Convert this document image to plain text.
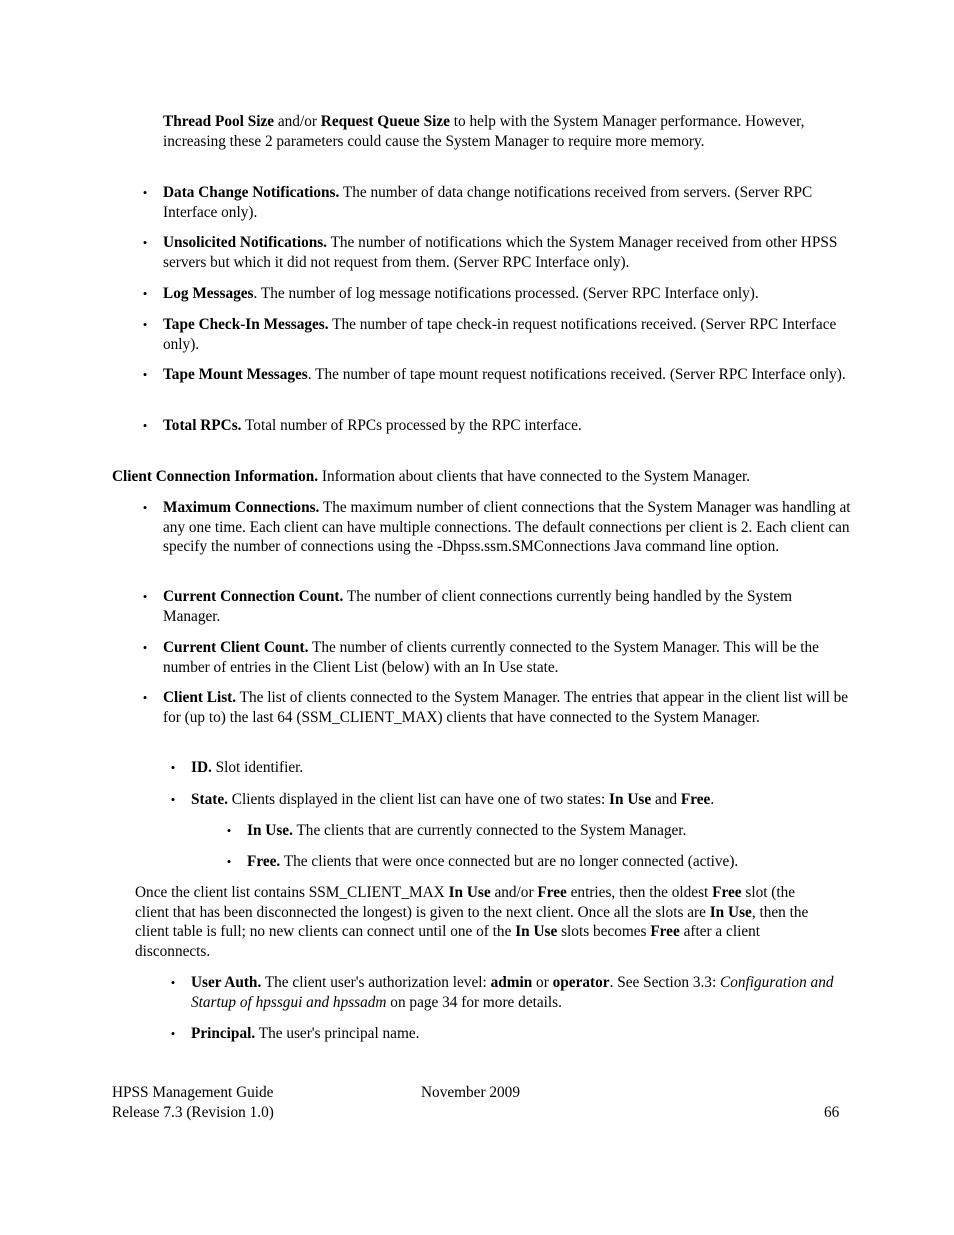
Thread Pool Size and/or Request Queue Size to help with the System Manager performance. However, increasing these 2 parameters could cause the System Manager to require more memory.

• Data Change Notifications. The number of data change notifications received from servers. (Server RPC Interface only).

• Unsolicited Notifications. The number of notifications which the System Manager received from other HPSS servers but which it did not request from them. (Server RPC Interface only).

• Log Messages. The number of log message notifications processed. (Server RPC Interface only).

• Tape Check-In Messages. The number of tape check-in request notifications received. (Server RPC Interface only).

• Tape Mount Messages. The number of tape mount request notifications received. (Server RPC Interface only).

• Total RPCs. Total number of RPCs processed by the RPC interface.

Client Connection Information. Information about clients that have connected to the System Manager.

• Maximum Connections. The maximum number of client connections that the System Manager was handling at any one time. Each client can have multiple connections. The default connections per client is 2. Each client can specify the number of connections using the -Dhpss.ssm.SMConnections Java command line option.

• Current Connection Count. The number of client connections currently being handled by the System Manager.

• Current Client Count. The number of clients currently connected to the System Manager. This will be the number of entries in the Client List (below) with an In Use state.

• Client List. The list of clients connected to the System Manager. The entries that appear in the client list will be for (up to) the last 64 (SSM_CLIENT_MAX) clients that have connected to the System Manager.

• ID. Slot identifier.

• State. Clients displayed in the client list can have one of two states: In Use and Free.

• In Use. The clients that are currently connected to the System Manager.

• Free. The clients that were once connected but are no longer connected (active).

Once the client list contains SSM_CLIENT_MAX In Use and/or Free entries, then the oldest Free slot (the client that has been disconnected the longest) is given to the next client. Once all the slots are In Use, then the client table is full; no new clients can connect until one of the In Use slots becomes Free after a client disconnects.

• User Auth. The client user's authorization level: admin or operator. See Section 3.3: Configuration and Startup of hpssgui and hpssadm on page 34 for more details.

• Principal. The user's principal name.

HPSS Management Guide
Release 7.3 (Revision 1.0)
November 2009
66
